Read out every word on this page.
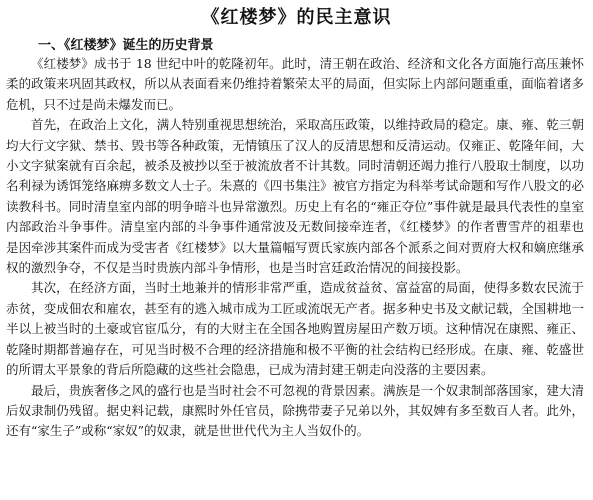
《红楼梦》的民主意识
一、《红楼梦》诞生的历史背景

《红楼梦》成书于 18 世纪中叶的乾隆初年。此时，清王朝在政治、经济和文化各方面施行高压兼怀柔的政策来巩固其政权，所以从表面看来仍维持着繁荣太平的局面，但实际上内部问题重重，面临着诸多危机，只不过是尚未爆发而已。

首先，在政治上文化，满人特别重视思想统治，采取高压政策，以维持政局的稳定。康、雍、乾三朝均大行文字狱、禁书、毁书等各种政策，无情镇压了汉人的反清思想和反清运动。仅雍正、乾隆年间，大小文字狱案就有百余起，被杀及被抄以至于被流放者不计其数。同时清朝还竭力推行八股取士制度，以功名利禄为诱饵笼络麻痹多数文人士子。朱熹的《四书集注》被官方指定为科举考试命题和写作八股文的必读教科书。同时清皇室内部的明争暗斗也异常激烈。历史上有名的“雍正夺位”事件就是最具代表性的皇室内部政治斗争事件。清皇室内部的斗争事件通常波及无数间接牵连者，《红楼梦》的作者曹雪芹的祖辈也是因牵涉其案件而成为受害者《红楼梦》以大量篇幅写贾氏家族内部各个派系之间对贾府大权和嫡庶继承权的激烈争夺，不仅是当时贵族内部斗争情形，也是当时宫廷政治情况的间接投影。

其次，在经济方面，当时土地兼并的情形非常严重，造成贫益贫、富益富的局面，使得多数农民流于赤贫，变成佃农和雇农，甚至有的逃入城市成为工匠或流氓无产者。据多种史书及文献记载，全国耕地一半以上被当时的土豪或官宦瓜分，有的大财主在全国各地购置房屋田产数万顷。这种情况在康熙、雍正、乾隆时期都普遍存在，可见当时极不合理的经济措施和极不平衡的社会结构已经形成。在康、雍、乾盛世的所谓太平景象的背后所隐藏的这些社会隐患，已成为清封建王朝走向没落的主要因素。

最后，贵族奢侈之风的盛行也是当时社会不可忽视的背景因素。满族是一个奴隶制部落国家，建大清后奴隶制仍残留。据史料记载，康熙时外任官员，除携带妻子兄弟以外，其奴婢有多至数百人者。此外，还有“家生子”或称“家奴”的奴隶，就是世世代代为主人当奴仆的。
